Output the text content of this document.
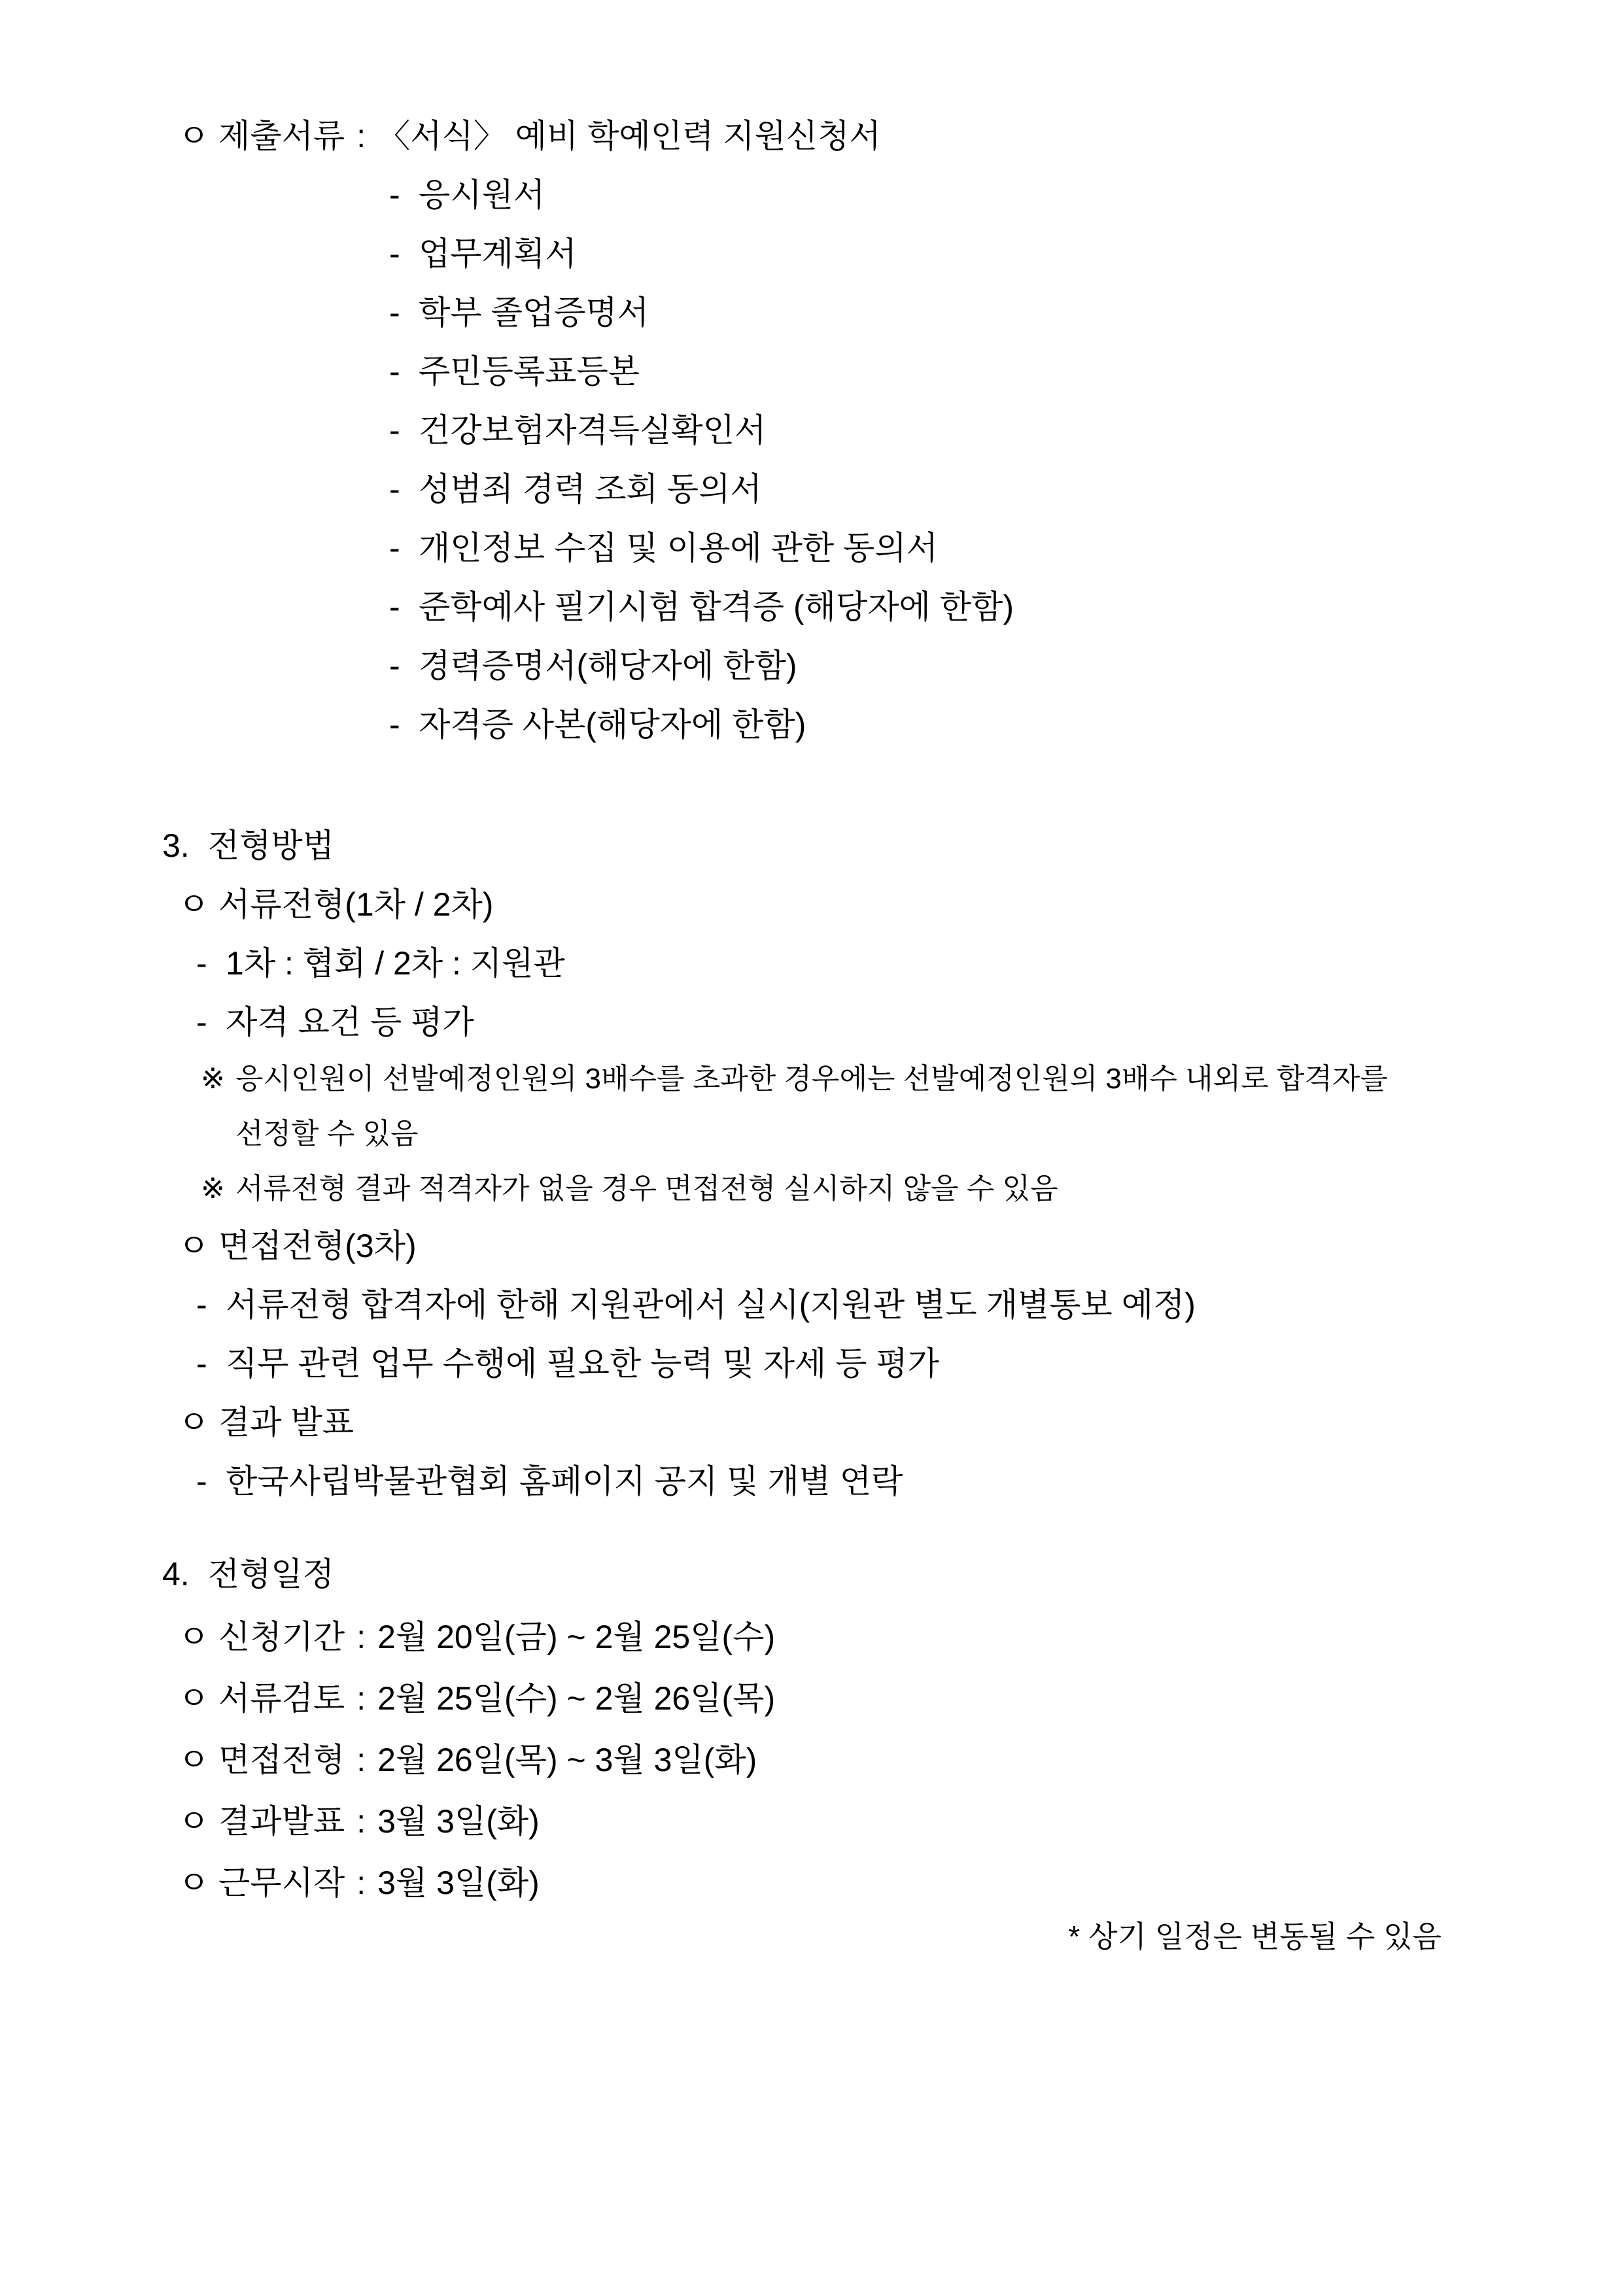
ㅇ 제출서류 : 〈서식〉 예비 학예인력 지원신청서
- 응시원서
- 업무계획서
- 학부 졸업증명서
- 주민등록표등본
- 건강보험자격득실확인서
- 성범죄 경력 조회 동의서
- 개인정보 수집 및 이용에 관한 동의서
- 준학예사 필기시험 합격증 (해당자에 한함)
- 경력증명서(해당자에 한함)
- 자격증 사본(해당자에 한함)
3. 전형방법
ㅇ 서류전형(1차 / 2차)
- 1차 : 협회 / 2차 : 지원관
- 자격 요건 등 평가
※ 응시인원이 선발예정인원의 3배수를 초과한 경우에는 선발예정인원의 3배수 내외로 합격자를
선정할 수 있음
※ 서류전형 결과 적격자가 없을 경우 면접전형 실시하지 않을 수 있음
ㅇ 면접전형(3차)
- 서류전형 합격자에 한해 지원관에서 실시(지원관 별도 개별통보 예정)
- 직무 관련 업무 수행에 필요한 능력 및 자세 등 평가
ㅇ 결과 발표
- 한국사립박물관협회 홈페이지 공지 및 개별 연락
4. 전형일정
ㅇ 신청기간 : 2월 20일(금) ~ 2월 25일(수)
ㅇ 서류검토 : 2월 25일(수) ~ 2월 26일(목)
ㅇ 면접전형 : 2월 26일(목) ~ 3월 3일(화)
ㅇ 결과발표 : 3월 3일(화)
ㅇ 근무시작 : 3월 3일(화)
* 상기 일정은 변동될 수 있음
